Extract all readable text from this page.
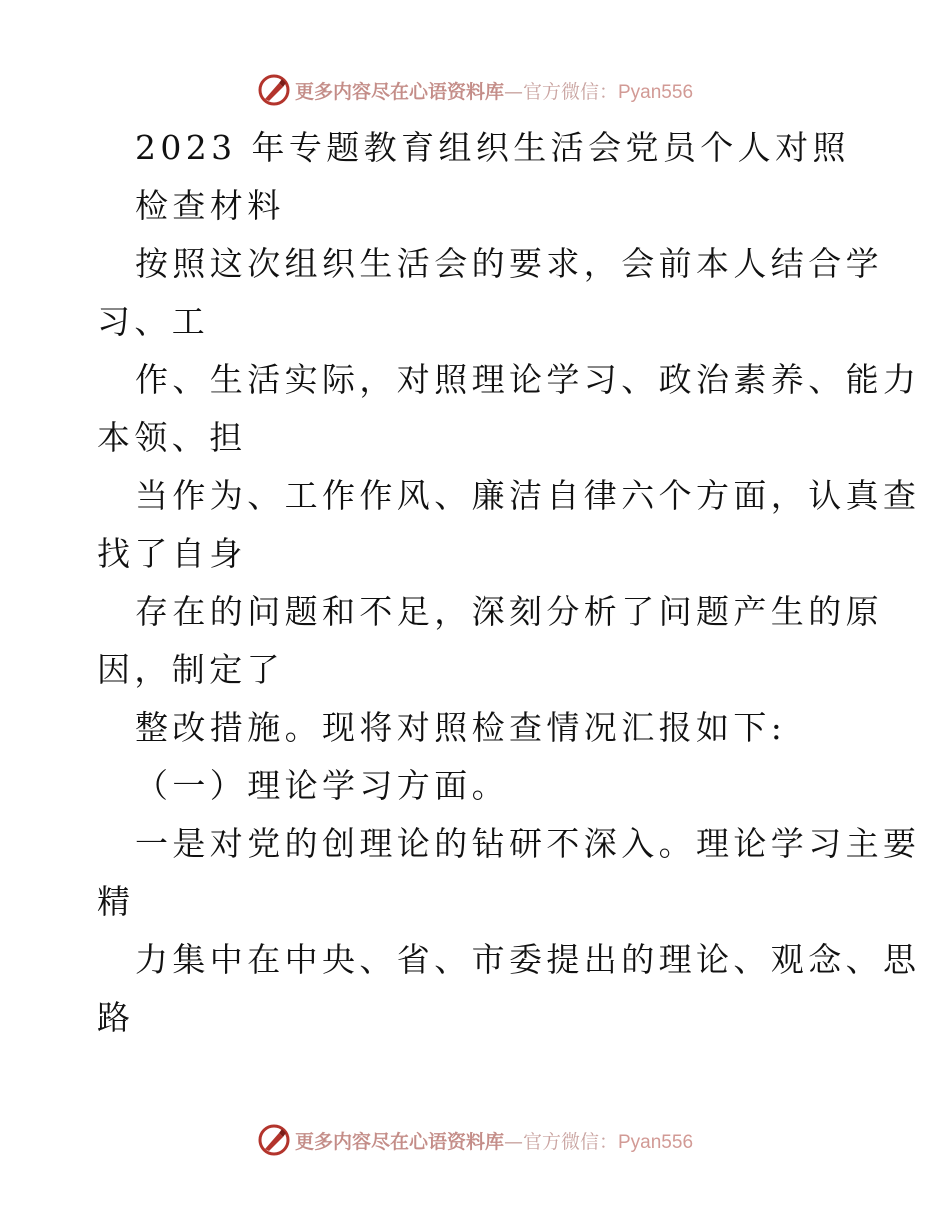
更多内容尽在心语资料库—官方微信：Pyan556
2023 年专题教育组织生活会党员个人对照
检查材料
按照这次组织生活会的要求，会前本人结合学
习、工
作、生活实际，对照理论学习、政治素养、能力
本领、担
当作为、工作作风、廉洁自律六个方面，认真查
找了自身
存在的问题和不足，深刻分析了问题产生的原
因，制定了
整改措施。现将对照检查情况汇报如下:
（一）理论学习方面。
一是对党的创理论的钻研不深入。理论学习主要
精
力集中在中央、省、市委提出的理论、观念、思
路
更多内容尽在心语资料库—官方微信：Pyan556
